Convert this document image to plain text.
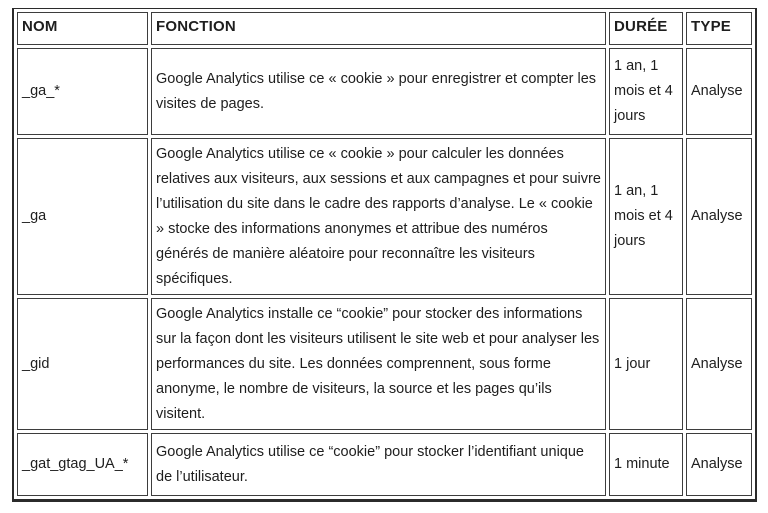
NOM	FONCTION	DURÉE	TYPE
_ga_*	Google Analytics utilise ce « cookie » pour enregistrer et compter les visites de pages.	1 an, 1 mois et 4 jours	Analyse
_ga	Google Analytics utilise ce « cookie » pour calculer les données relatives aux visiteurs, aux sessions et aux campagnes et pour suivre l’utilisation du site dans le cadre des rapports d’analyse. Le « cookie » stocke des informations anonymes et attribue des numéros générés de manière aléatoire pour reconnaître les visiteurs spécifiques.	1 an, 1 mois et 4 jours	Analyse
_gid	Google Analytics installe ce “cookie” pour stocker des informations sur la façon dont les visiteurs utilisent le site web et pour analyser les performances du site. Les données comprennent, sous forme anonyme, le nombre de visiteurs, la source et les pages qu’ils visitent.	1 jour	Analyse
_gat_gtag_UA_*	Google Analytics utilise ce “cookie” pour stocker l’identifiant unique de l’utilisateur.	1 minute	Analyse
